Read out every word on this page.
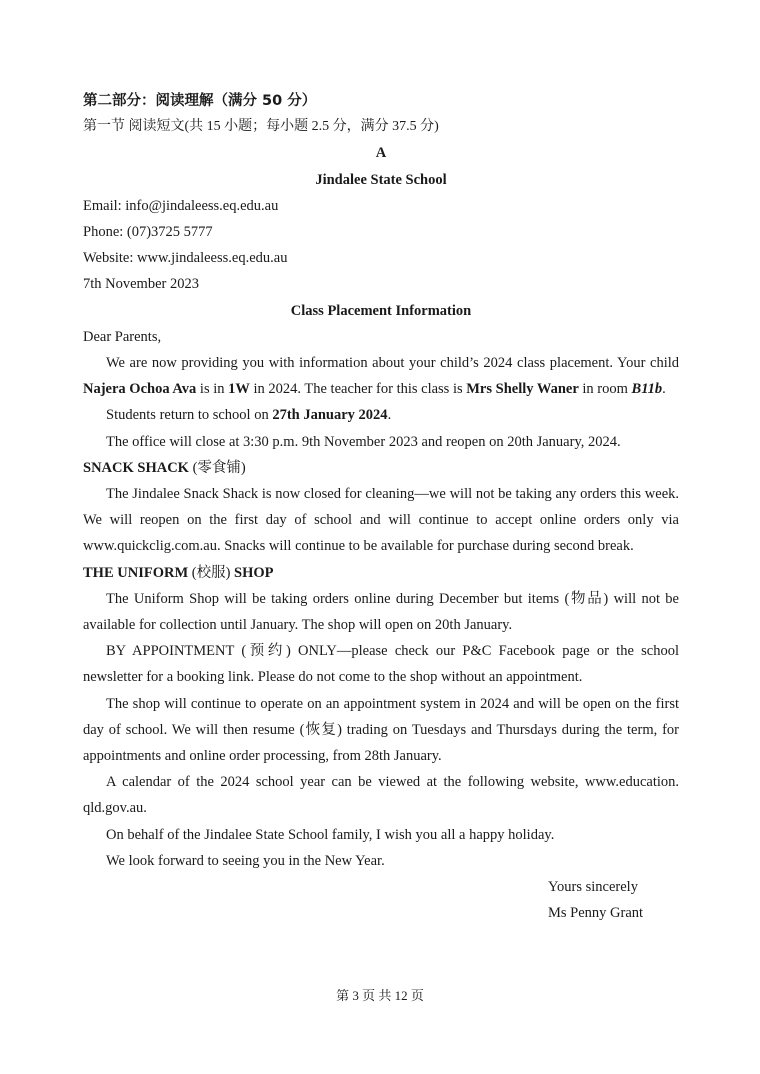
第二部分：阅读理解（满分 50 分）
第一节 阅读短文(共 15 小题；每小题 2.5 分，满分 37.5 分)
A
Jindalee State School
Email: info@jindaleess.eq.edu.au
Phone: (07)3725 5777
Website: www.jindaleess.eq.edu.au
7th November 2023
Class Placement Information
Dear Parents,
We are now providing you with information about your child’s 2024 class placement. Your child Najera Ochoa Ava is in 1W in 2024. The teacher for this class is Mrs Shelly Waner in room B11b.
Students return to school on 27th January 2024.
The office will close at 3:30 p.m. 9th November 2023 and reopen on 20th January, 2024.
SNACK SHACK (零食铺)
The Jindalee Snack Shack is now closed for cleaning—we will not be taking any orders this week. We will reopen on the first day of school and will continue to accept online orders only via www.quickclig.com.au. Snacks will continue to be available for purchase during second break.
THE UNIFORM (校服) SHOP
The Uniform Shop will be taking orders online during December but items (物品) will not be available for collection until January. The shop will open on 20th January.
BY APPOINTMENT (预约) ONLY—please check our P&C Facebook page or the school newsletter for a booking link. Please do not come to the shop without an appointment.
The shop will continue to operate on an appointment system in 2024 and will be open on the first day of school. We will then resume (恢复) trading on Tuesdays and Thursdays during the term, for appointments and online order processing, from 28th January.
A calendar of the 2024 school year can be viewed at the following website, www.education. qld.gov.au.
On behalf of the Jindalee State School family, I wish you all a happy holiday.
We look forward to seeing you in the New Year.
Yours sincerely
Ms Penny Grant
第 3 页 共 12 页
